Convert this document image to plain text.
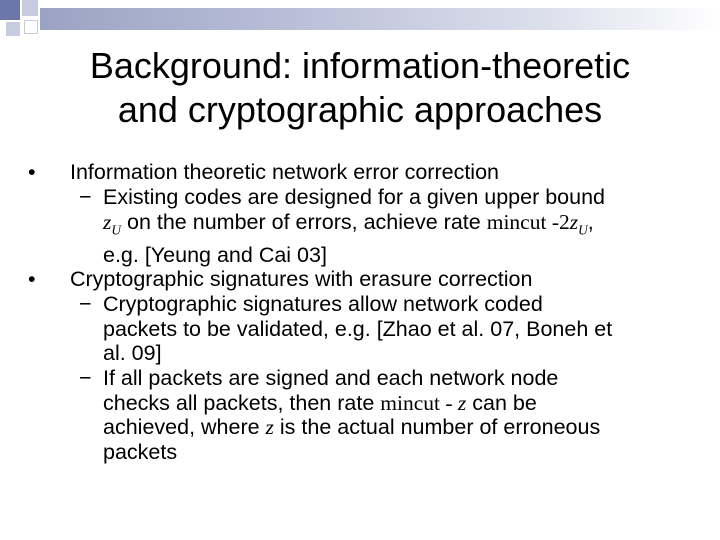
Background: information-theoretic
and cryptographic approaches
•	Information theoretic network error correction
− Existing codes are designed for a given upper bound
$z_U$ on the number of errors, achieve rate mincut $-2z_U$,
e.g. [Yeung and Cai 03]
•	Cryptographic signatures with erasure correction
− Cryptographic signatures allow network coded
packets to be validated, e.g. [Zhao et al. 07, Boneh et
al. 09]
− If all packets are signed and each network node
checks all packets, then rate mincut - z can be
achieved, where z is the actual number of erroneous
packets
